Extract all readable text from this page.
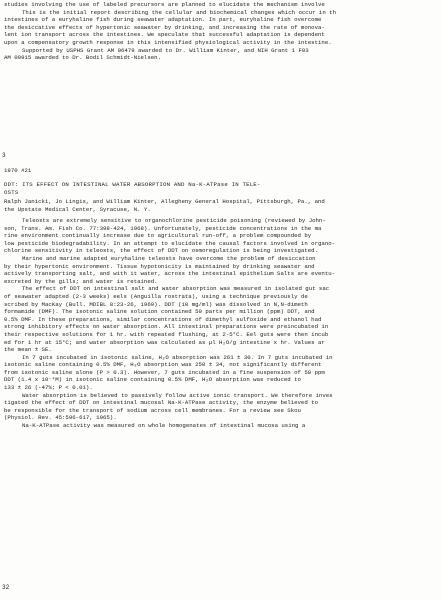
studies involving the use of labeled precursors are planned to elucidate the mechanism involve
This is the initial report describing the cellular and biochemical changes which occur in th
intestines of a euryhaline fish during seawater adaptation. In part, euryhaline fish overcome
the desiccative effects of hypertonic seawater by drinking, and increasing the rate of monova-
lent ion transport across the intestines. We speculate that successful adaptation is dependent
upon a compensatory growth response in this intensified physiological activity in the intestine.
Supported by USPHS Grant AM 06479 awarded to Dr. William Kinter, and NIH Grant 1 F03
AM 09915 awarded to Dr. Bodil Schmidt-Nielsen.
3
1970 #21
DDT: ITS EFFECT ON INTESTINAL WATER ABSORPTION AND Na-K-ATPase IN TELE-
OSTS
Ralph Janicki, Jo Lingis, and William Kinter, Allegheny General Hospital, Pittsburgh, Pa., and
the Upstate Medical Center, Syracuse, N. Y.
Teleosts are extremely sensitive to organochlorine pesticide poisoning (reviewed by John-
son, Trans. Am. Fish Co. 77:398-424, 1968). Unfortunately, pesticide concentrations in the ma
rine environment continually increase due to agricultural run-off, a problem compounded by
low pesticide biodegradability. In an attempt to elucidate the causal factors involved in organo-
chlorine sensitivity in teleosts, the effect of DDT on osmoregulation is being investigated.
Marine and marine adapted euryhaline teleosts have overcome the problem of desiccation
by their hypertonic environment. Tissue hypotonicity is maintained by drinking seawater and
actively transporting salt, and with it water, across the intestinal epithelium Salts are eventu-
excreted by the gills; and water is retained.
The effect of DDT on intestinal salt and water absorption was measured in isolated gut sac
of seawater adapted (2-3 weeks) eels (Anguilla rostrata), using a technique previously de
scribed by MacKay (Bull. MDIBL 8:23-26, 1969). DDT (10 mg/ml) was dissolved in N,N-dimeth
formamide (DMF). The isotonic saline solution contained 50 parts per million (ppm) DDT, and
0.5% DMF. In these preparations, similar concentrations of dimethyl sulfoxide and ethanol had
strong inhibitory effects on water absorption. All intestinal preparations were preincubated in
their respective solutions for 1 hr. with repeated flushing, at 2-5°C. Eel guts were then incub
ed for 1 hr at 15°C; and water absorption was calculated as µl H₂O/g intestine x hr. Values ar
the mean ± SE.
In 7 guts incubated in isotonic saline, H₂O absorption was 261 ± 30. In 7 guts incubated in
isotonic saline containing 0.5% DMF, H₂O absorption was 250 ± 34, not significantly different
from isotonic saline alone (P > 0.3). However, 7 guts incubated in a fine suspension of 50 ppm
DDT (1.4 x 10⁻⁴M) in isotonic saline containing 0.5% DMF, H₂O absorption was reduced to
133 ± 26 (-47%; P < 0.01).
Water absorption is believed to passively follow active ionic transport. We therefore inves
tigated the effect of DDT on intestinal mucosal Na-K-ATPase activity, the enzyme believed to
be responsible for the transport of sodium across cell membranes. For a review see Skou
(Physiol. Rev. 45:596-617, 1965).
Na-K-ATPase activity was measured on whole homogenates of intestinal mucosa using a
32
